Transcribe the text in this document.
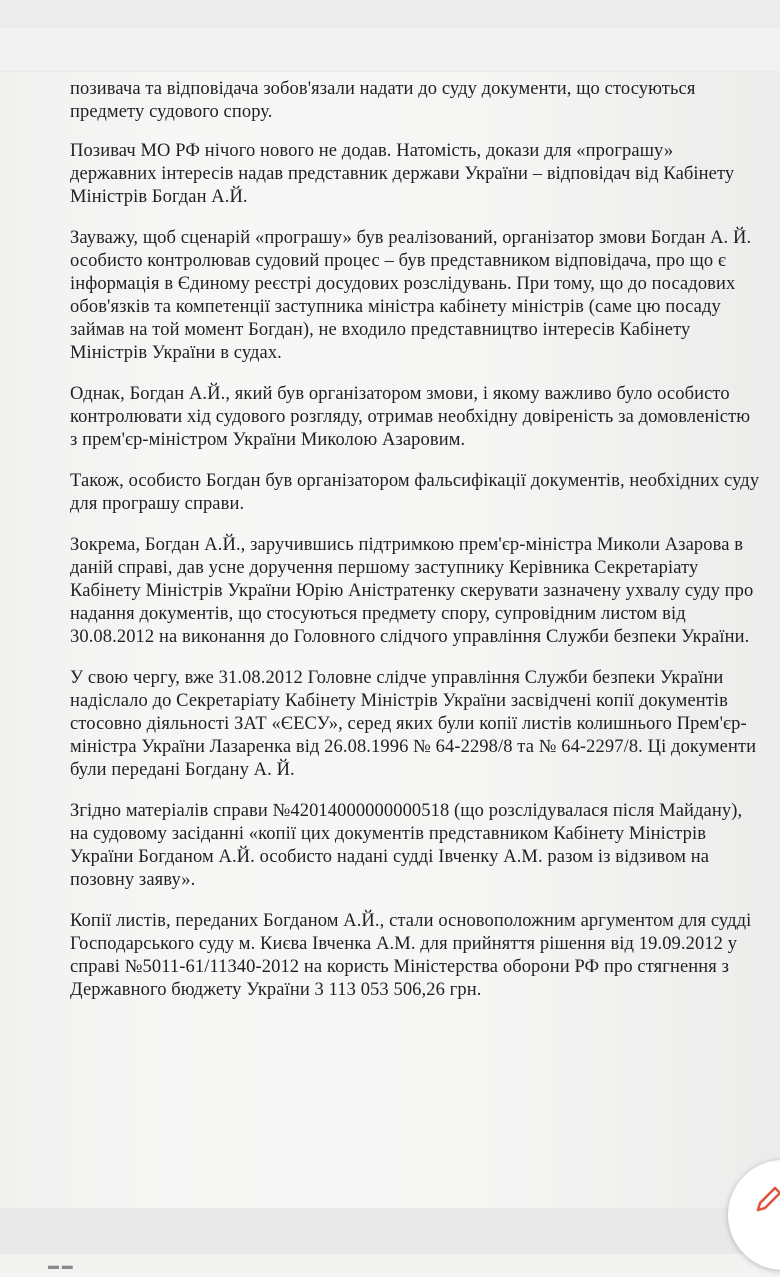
позивача та відповідача зобов'язали надати до суду документи, що стосуються предмету судового спору.

Позивач МО РФ нічого нового не додав. Натомість, докази для «програшу» державних інтересів надав представник держави України – відповідач від Кабінету Міністрів Богдан А.Й.

Зауважу, щоб сценарій «програшу» був реалізований, організатор змови Богдан А. Й. особисто контролював судовий процес – був представником відповідача, про що є інформація в Єдиному реєстрі досудових розслідувань. При тому, що до посадових обов'язків та компетенції заступника міністра кабінету міністрів (саме цю посаду займав на той момент Богдан), не входило представництво інтересів Кабінету Міністрів України в судах.

Однак, Богдан А.Й., який був організатором змови, і якому важливо було особисто контролювати хід судового розгляду, отримав необхідну довіреність за домовленістю з прем'єр-міністром України Миколою Азаровим.

Також, особисто Богдан був організатором фальсифікації документів, необхідних суду для програшу справи.

Зокрема, Богдан А.Й., заручившись підтримкою прем'єр-міністра Миколи Азарова в даній справі, дав усне доручення першому заступнику Керівника Секретаріату Кабінету Міністрів України Юрію Аністратенку скерувати зазначену ухвалу суду про надання документів, що стосуються предмету спору, супровідним листом від 30.08.2012 на виконання до Головного слідчого управління Служби безпеки України.

У свою чергу, вже 31.08.2012 Головне слідче управління Служби безпеки України надіслало до Секретаріату Кабінету Міністрів України засвідчені копії документів стосовно діяльності ЗАТ «ЄЕСУ», серед яких були копії листів колишнього Прем'єр-міністра України Лазаренка від 26.08.1996 № 64-2298/8 та № 64-2297/8. Ці документи були передані Богдану А. Й.

Згідно матеріалів справи №42014000000000518 (що розслідувалася після Майдану), на судовому засіданні «копії цих документів представником Кабінету Міністрів України Богданом А.Й. особисто надані судді Івченку А.М. разом із відзивом на позовну заяву».

Копії листів, переданих Богданом А.Й., стали основоположним аргументом для судді Господарського суду м. Києва Івченка А.М. для прийняття рішення від 19.09.2012 у справі №5011-61/11340-2012 на користь Міністерства оборони РФ про стягнення з Державного бюджету України 3 113 053 506,26 грн.

▬ ▬
